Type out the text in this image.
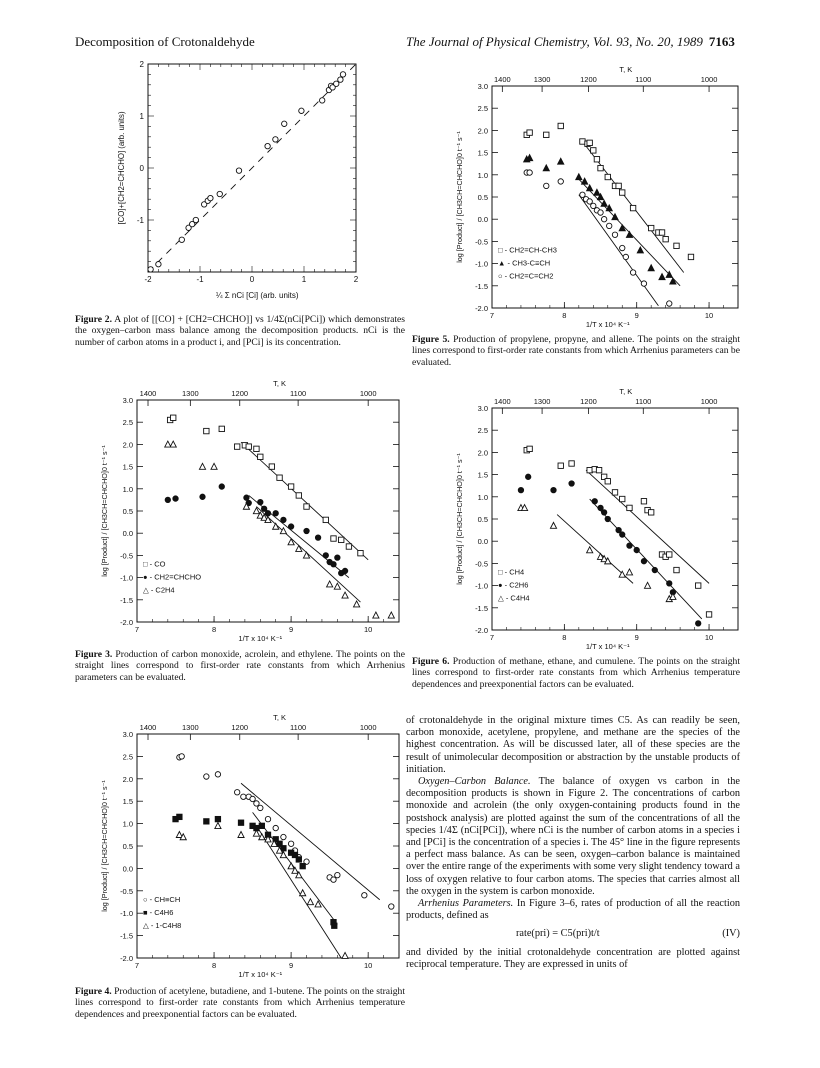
Decomposition of Crotonaldehyde	The Journal of Physical Chemistry, Vol. 93, No. 20, 1989 7163
-2	-1	0	1	2
-1
0
1
2
¼ Σ nCi [Ci] (arb. units)
[CO]+[CH2=CHCHO] (arb. units)
Figure 2. A plot of [[CO] + [CH2=CHCHO]] vs 1/4Σ(nCi[PCi]) which demonstrates the oxygen–carbon mass balance among the decomposition products. nCi is the number of carbon atoms in a product i, and [PCi] is its concentration.
3.0
2.5
2.0
1.5
1.0
0.5
0.0
-0.5
-1.0
-1.5
-2.0
7	8	9	10
1400	1300	1200	1100	1000
T, K
1/T x 10⁴ K⁻¹
log [Product] / [CH3CH=CHCHO]0 t⁻¹ s⁻¹	□ - CO
● - CH2=CHCHO
△ - C2H4
Figure 3. Production of carbon monoxide, acrolein, and ethylene. The points on the straight lines correspond to first-order rate constants from which Arrhenius parameters can be evaluated.
3.0
2.5
2.0
1.5
1.0
0.5
0.0
-0.5
-1.0
-1.5
-2.0
7	8	9	10
1400	1300	1200	1100	1000
T, K
1/T x 10⁴ K⁻¹
log [Product] / [CH3CH=CHCHO]0 t⁻¹ s⁻¹	○ - CH≡CH
■ - C4H6
△ - 1-C4H8
Figure 4. Production of acetylene, butadiene, and 1-butene. The points on the straight lines correspond to first-order rate constants from which Arrhenius temperature dependences and preexponential factors can be evaluated.
3.0
2.5
2.0
1.5
1.0
0.5
0.0
-0.5
-1.0
-1.5
-2.0
7	8	9	10
1400	1300	1200	1100	1000
T, K
1/T x 10⁴ K⁻¹
log [Product] / [CH3CH=CHCHO]0 t⁻¹ s⁻¹	□ - CH2=CH-CH3
▲ - CH3-C≡CH
○ - CH2=C=CH2
Figure 5. Production of propylene, propyne, and allene. The points on the straight lines correspond to first-order rate constants from which Arrhenius parameters can be evaluated.
3.0
2.5
2.0
1.5
1.0
0.5
0.0
-0.5
-1.0
-1.5
-2.0
7	8	9	10
1400	1300	1200	1100	1000
T, K
1/T x 10⁴ K⁻¹
log [Product] / [CH3CH=CHCHO]0 t⁻¹ s⁻¹	□ - CH4
● - C2H6
△ - C4H4
Figure 6. Production of methane, ethane, and cumulene. The points on the straight lines correspond to first-order rate constants from which Arrhenius temperature dependences and preexponential factors can be evaluated.

of crotonaldehyde in the original mixture times C5. As can readily be seen, carbon monoxide, acetylene, propylene, and methane are the species of the highest concentration. As will be discussed later, all of these species are the result of unimolecular decomposition or abstraction by the unstable products of initiation.

Oxygen–Carbon Balance. The balance of oxygen vs carbon in the decomposition products is shown in Figure 2. The concentrations of carbon monoxide and acrolein (the only oxygen-containing products found in the postshock analysis) are plotted against the sum of the concentrations of all the species 1/4Σ (nCi[PCi]), where nCi is the number of carbon atoms in a species i and [PCi] is the concentration of a species i. The 45° line in the figure represents a perfect mass balance. As can be seen, oxygen–carbon balance is maintained over the entire range of the experiments with some very slight tendency toward a loss of oxygen relative to four carbon atoms. The species that carries almost all the oxygen in the system is carbon monoxide.

Arrhenius Parameters. In Figure 3–6, rates of production of all the reaction products, defined as

rate(pri) = C5(pri)t/t	(IV)

and divided by the initial crotonaldehyde concentration are plotted against reciprocal temperature. They are expressed in units of
